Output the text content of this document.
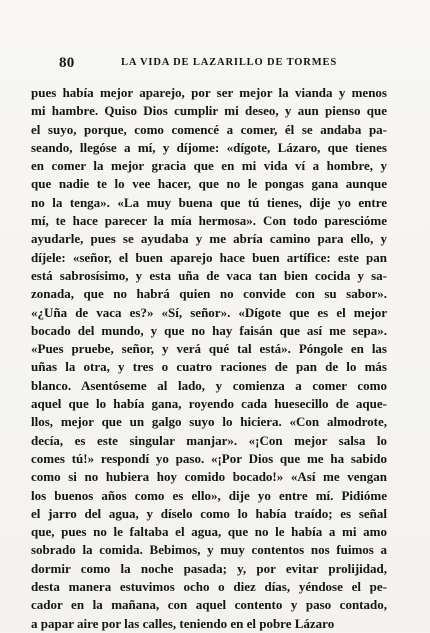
80	LA VIDA DE LAZARILLO DE TORMES
pues había mejor aparejo, por ser mejor la vianda y menos
mi hambre. Quiso Dios cumplir mi deseo, y aun pienso que
el suyo, porque, como comencé a comer, él se andaba pa-
seando, llegóse a mí, y díjome: «dígote, Lázaro, que tienes
en comer la mejor gracia que en mi vida ví a hombre, y
que nadie te lo vee hacer, que no le pongas gana aunque
no la tenga». «La muy buena que tú tienes, dije yo entre
mí, te hace parecer la mía hermosa». Con todo parescióme
ayudarle, pues se ayudaba y me abría camino para ello, y
díjele: «señor, el buen aparejo hace buen artífice: este pan
está sabrosísimo, y esta uña de vaca tan bien cocida y sa-
zonada, que no habrá quien no convide con su sabor».
«¿Uña de vaca es?» «Sí, señor». «Dígote que es el mejor
bocado del mundo, y que no hay faisán que así me sepa».
«Pues pruebe, señor, y verá qué tal está». Póngole en las
uñas la otra, y tres o cuatro raciones de pan de lo más
blanco. Asentóseme al lado, y comienza a comer como
aquel que lo había gana, royendo cada huesecillo de aque-
llos, mejor que un galgo suyo lo hiciera. «Con almodrote,
decía, es este singular manjar». «¡Con mejor salsa lo
comes tú!» respondí yo paso. «¡Por Dios que me ha sabido
como si no hubiera hoy comido bocado!» «Así me vengan
los buenos años como es ello», dije yo entre mí. Pidióme
el jarro del agua, y díselo como lo había traído; es señal
que, pues no le faltaba el agua, que no le había a mi amo
sobrado la comida. Bebimos, y muy contentos nos fuimos a
dormir como la noche pasada; y, por evitar prolijidad,
desta manera estuvimos ocho o diez días, yéndose el pe-
cador en la mañana, con aquel contento y paso contado,
a papar aire por las calles, teniendo en el pobre Lázaro
